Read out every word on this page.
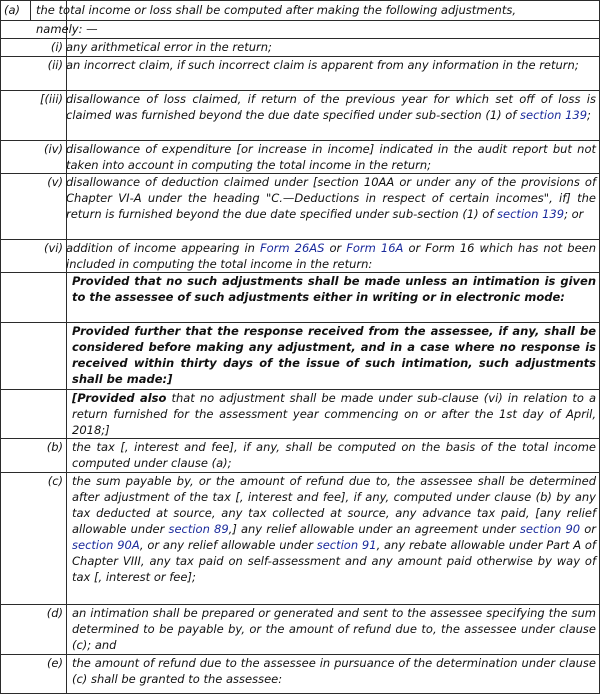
(a)	the total income or loss shall be computed after making the following adjustments,
namely: —
(i) any arithmetical error in the return;
(ii) an incorrect claim, if such incorrect claim is apparent from any information in the return;
[(iii) disallowance of loss claimed, if return of the previous year for which set off of loss is claimed was furnished beyond the due date specified under sub-section (1) of section 139;
(iv) disallowance of expenditure [or increase in income] indicated in the audit report but not taken into account in computing the total income in the return;
(v) disallowance of deduction claimed under [section 10AA or under any of the provisions of Chapter VI-A under the heading "C.—Deductions in respect of certain incomes", if] the return is furnished beyond the due date specified under sub-section (1) of section 139; or
(vi) addition of income appearing in Form 26AS or Form 16A or Form 16 which has not been included in computing the total income in the return:
Provided that no such adjustments shall be made unless an intimation is given to the assessee of such adjustments either in writing or in electronic mode:
Provided further that the response received from the assessee, if any, shall be considered before making any adjustment, and in a case where no response is received within thirty days of the issue of such intimation, such adjustments shall be made:]
[Provided also that no adjustment shall be made under sub-clause (vi) in relation to a return furnished for the assessment year commencing on or after the 1st day of April, 2018;]
(b) the tax [, interest and fee], if any, shall be computed on the basis of the total income computed under clause (a);
(c) the sum payable by, or the amount of refund due to, the assessee shall be determined after adjustment of the tax [, interest and fee], if any, computed under clause (b) by any tax deducted at source, any tax collected at source, any advance tax paid, [any relief allowable under section 89,] any relief allowable under an agreement under section 90 or section 90A, or any relief allowable under section 91, any rebate allowable under Part A of Chapter VIII, any tax paid on self-assessment and any amount paid otherwise by way of tax [, interest or fee];
(d) an intimation shall be prepared or generated and sent to the assessee specifying the sum determined to be payable by, or the amount of refund due to, the assessee under clause (c); and
(e) the amount of refund due to the assessee in pursuance of the determination under clause (c) shall be granted to the assessee:
